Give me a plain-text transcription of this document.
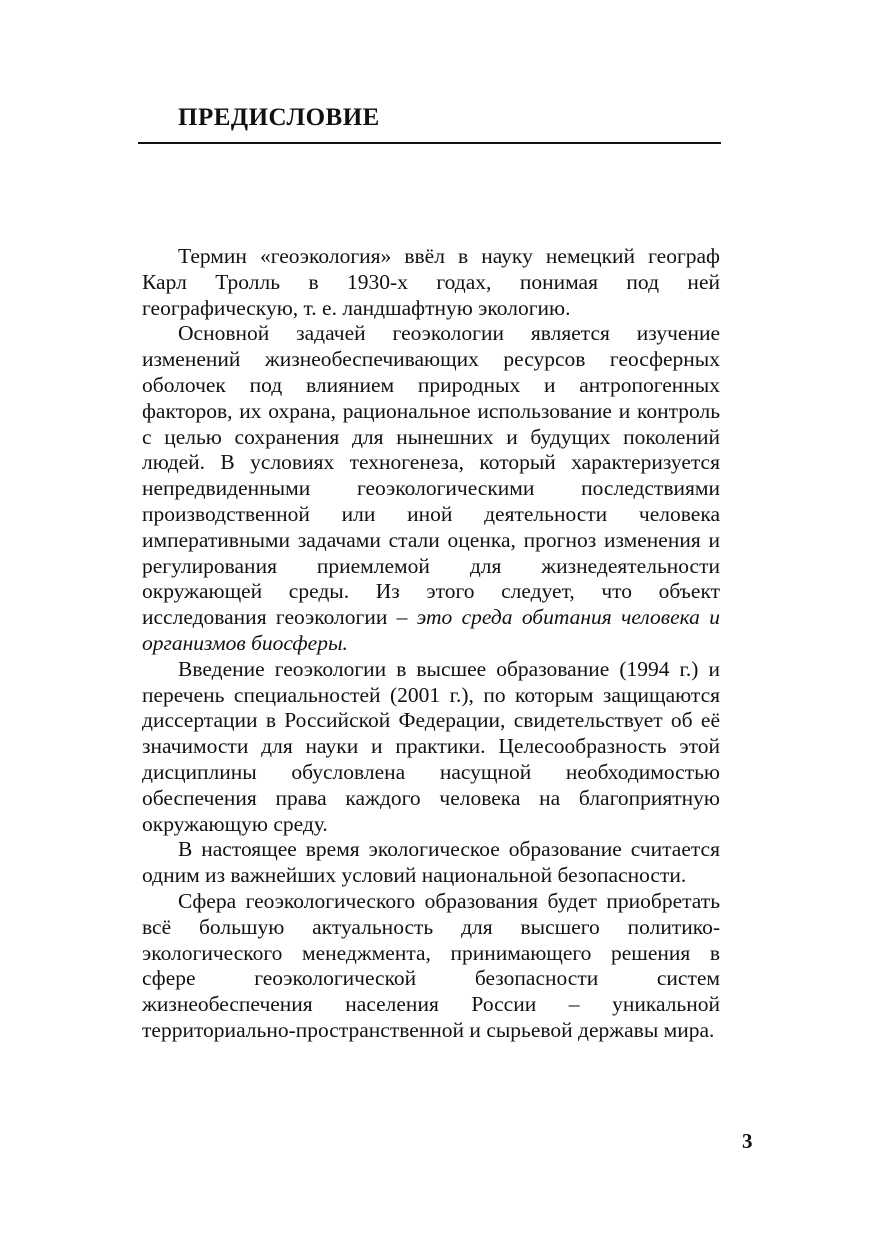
ПРЕДИСЛОВИЕ

Термин «геоэкология» ввёл в науку немецкий географ Карл Тролль в 1930-х годах, понимая под ней географическую, т. е. ландшафтную экологию.

Основной задачей геоэкологии является изучение изменений жизнеобеспечивающих ресурсов геосферных оболочек под влиянием природных и антропогенных факторов, их охрана, рациональное использование и контроль с целью сохранения для нынешних и будущих поколений людей. В условиях техногенеза, который характеризуется непредвиденными геоэкологическими последствиями производственной или иной деятельности человека императивными задачами стали оценка, прогноз изменения и регулирования приемлемой для жизнедеятельности окружающей среды. Из этого следует, что объект исследования геоэкологии – это среда обитания человека и организмов биосферы.

Введение геоэкологии в высшее образование (1994 г.) и перечень специальностей (2001 г.), по которым защищаются диссертации в Российской Федерации, свидетельствует об её значимости для науки и практики. Целесообразность этой дисциплины обусловлена насущной необходимостью обеспечения права каждого человека на благоприятную окружающую среду.

В настоящее время экологическое образование считается одним из важнейших условий национальной безопасности.

Сфера геоэкологического образования будет приобретать всё большую актуальность для высшего политико-экологического менеджмента, принимающего решения в сфере геоэкологической безопасности систем жизнеобеспечения населения России – уникальной территориально-пространственной и сырьевой державы мира.

3
